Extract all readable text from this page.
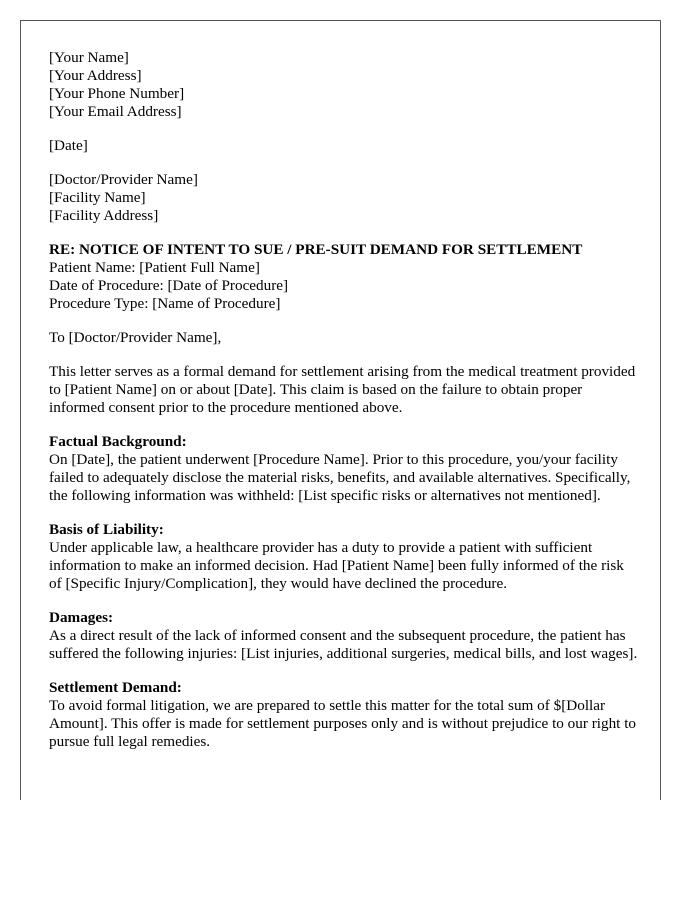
[Your Name]
[Your Address]
[Your Phone Number]
[Your Email Address]
[Date]
[Doctor/Provider Name]
[Facility Name]
[Facility Address]
RE: NOTICE OF INTENT TO SUE / PRE-SUIT DEMAND FOR SETTLEMENT
Patient Name: [Patient Full Name]
Date of Procedure: [Date of Procedure]
Procedure Type: [Name of Procedure]
To [Doctor/Provider Name],

This letter serves as a formal demand for settlement arising from the medical treatment provided to [Patient Name] on or about [Date]. This claim is based on the failure to obtain proper informed consent prior to the procedure mentioned above.

Factual Background:

On [Date], the patient underwent [Procedure Name]. Prior to this procedure, you/your facility failed to adequately disclose the material risks, benefits, and available alternatives. Specifically, the following information was withheld: [List specific risks or alternatives not mentioned].

Basis of Liability:

Under applicable law, a healthcare provider has a duty to provide a patient with sufficient information to make an informed decision. Had [Patient Name] been fully informed of the risk of [Specific Injury/Complication], they would have declined the procedure.

Damages:

As a direct result of the lack of informed consent and the subsequent procedure, the patient has suffered the following injuries: [List injuries, additional surgeries, medical bills, and lost wages].

Settlement Demand:

To avoid formal litigation, we are prepared to settle this matter for the total sum of $[Dollar Amount]. This offer is made for settlement purposes only and is without prejudice to our right to pursue full legal remedies.
